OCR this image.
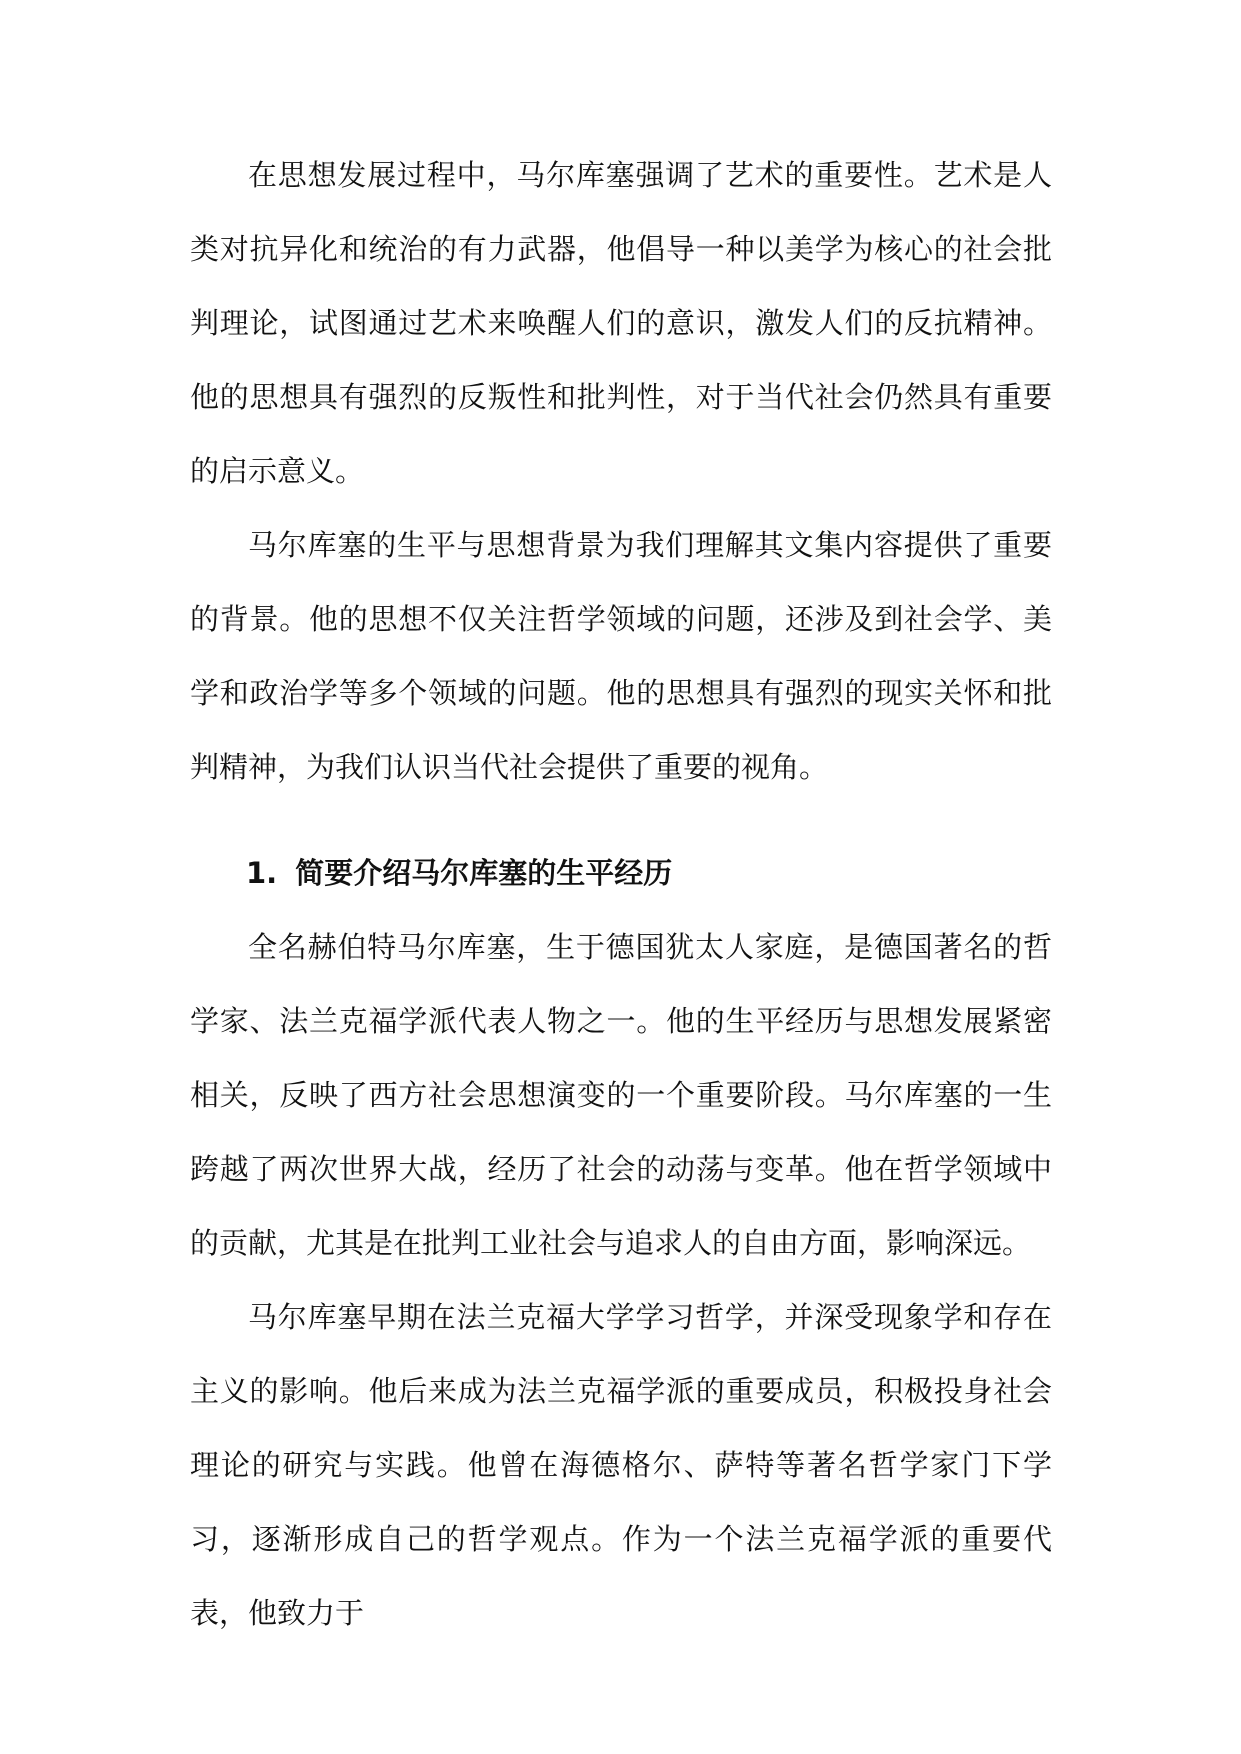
在思想发展过程中，马尔库塞强调了艺术的重要性。艺术是人类对抗异化和统治的有力武器，他倡导一种以美学为核心的社会批判理论，试图通过艺术来唤醒人们的意识，激发人们的反抗精神。他的思想具有强烈的反叛性和批判性，对于当代社会仍然具有重要的启示意义。

马尔库塞的生平与思想背景为我们理解其文集内容提供了重要的背景。他的思想不仅关注哲学领域的问题，还涉及到社会学、美学和政治学等多个领域的问题。他的思想具有强烈的现实关怀和批判精神，为我们认识当代社会提供了重要的视角。

1. 简要介绍马尔库塞的生平经历

全名赫伯特马尔库塞，生于德国犹太人家庭，是德国著名的哲学家、法兰克福学派代表人物之一。他的生平经历与思想发展紧密相关，反映了西方社会思想演变的一个重要阶段。马尔库塞的一生跨越了两次世界大战，经历了社会的动荡与变革。他在哲学领域中的贡献，尤其是在批判工业社会与追求人的自由方面，影响深远。

马尔库塞早期在法兰克福大学学习哲学，并深受现象学和存在主义的影响。他后来成为法兰克福学派的重要成员，积极投身社会理论的研究与实践。他曾在海德格尔、萨特等著名哲学家门下学习，逐渐形成自己的哲学观点。作为一个法兰克福学派的重要代表，他致力于
